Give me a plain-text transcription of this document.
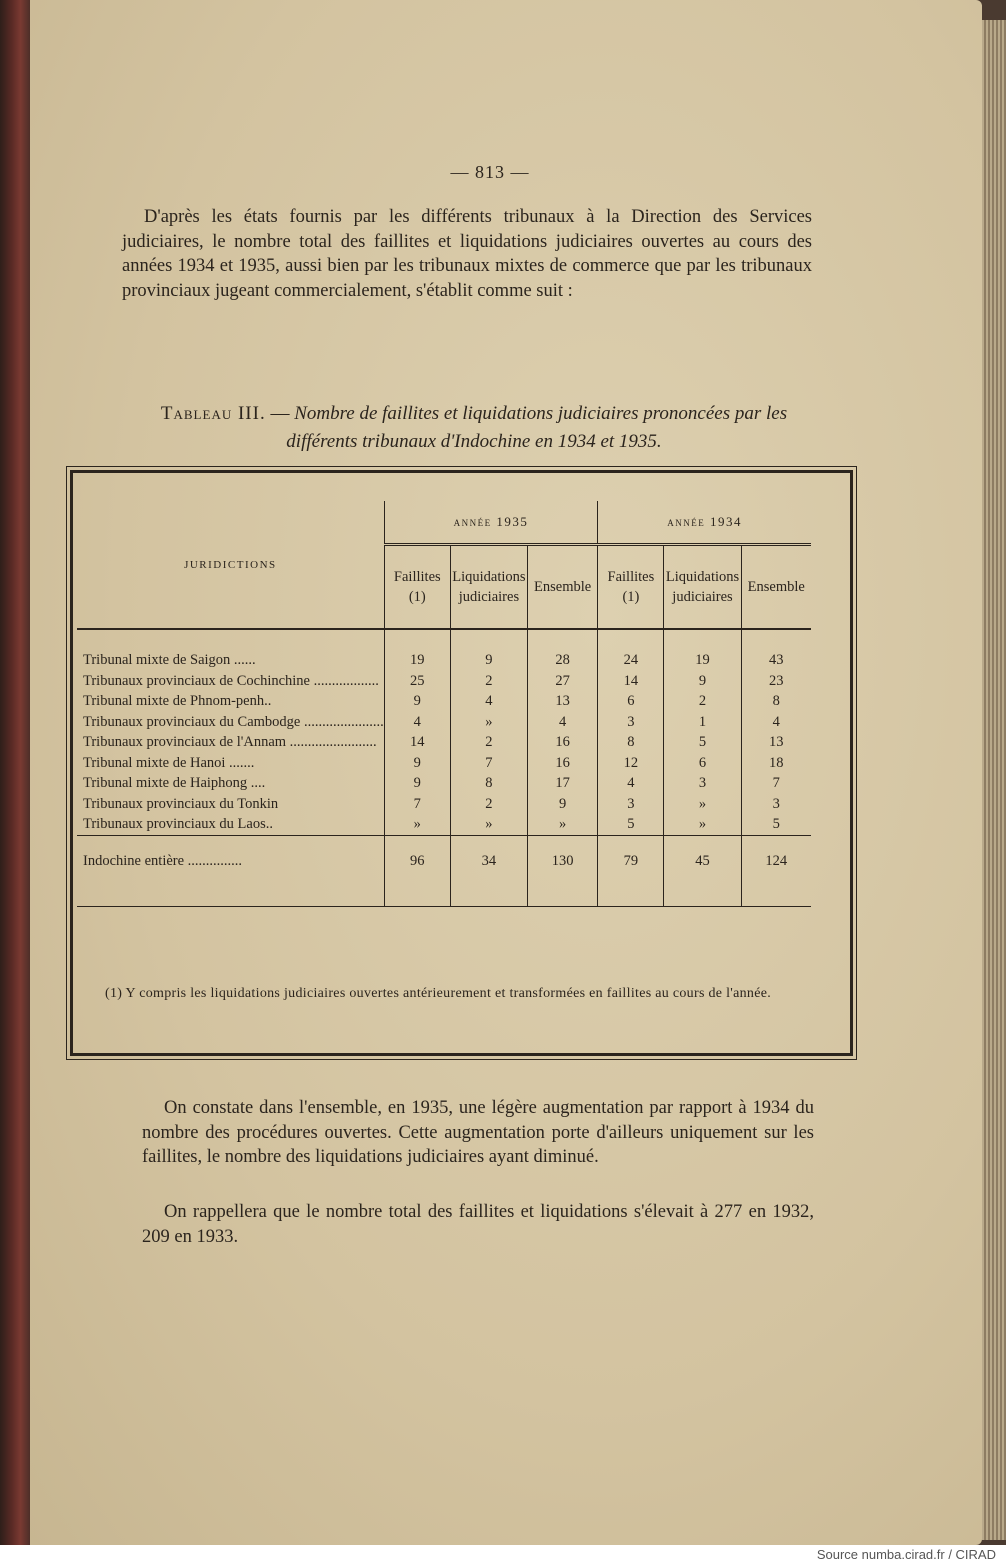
— 813 —
D'après les états fournis par les différents tribunaux à la Direction des Services judiciaires, le nombre total des faillites et liquidations judiciaires ouvertes au cours des années 1934 et 1935, aussi bien par les tribunaux mixtes de commerce que par les tribunaux provinciaux jugeant commercialement, s'établit comme suit :
Tableau III. — Nombre de faillites et liquidations judiciaires prononcées par les différents tribunaux d'Indochine en 1934 et 1935.
JURIDICTIONS	année 1935			année 1934		
	Faillites (1)	Liquidations judiciaires	Ensemble	Faillites (1)	Liquidations judiciaires	Ensemble

Tribunal mixte de Saigon ......	19	9	28	24	19	43
Tribunaux provinciaux de Cochinchine ..................	25	2	27	14	9	23
Tribunal mixte de Phnom-penh..	9	4	13	6	2	8
Tribunaux provinciaux du Cambodge ......................	4	»	4	3	1	4
Tribunaux provinciaux de l'Annam ........................	14	2	16	8	5	13
Tribunal mixte de Hanoi .......	9	7	16	12	6	18
Tribunal mixte de Haiphong ....	9	8	17	4	3	7
Tribunaux provinciaux du Tonkin	7	2	9	3	»	3
Tribunaux provinciaux du Laos..	»	»	»	5	»	5
Indochine entière ...............	96	34	130	79	45	124

(1) Y compris les liquidations judiciaires ouvertes antérieurement et transformées en faillites au cours de l'année.
On constate dans l'ensemble, en 1935, une légère augmentation par rapport à 1934 du nombre des procédures ouvertes. Cette augmentation porte d'ailleurs uniquement sur les faillites, le nombre des liquidations judiciaires ayant diminué.
On rappellera que le nombre total des faillites et liquidations s'élevait à 277 en 1932, 209 en 1933.
Source numba.cirad.fr / CIRAD
